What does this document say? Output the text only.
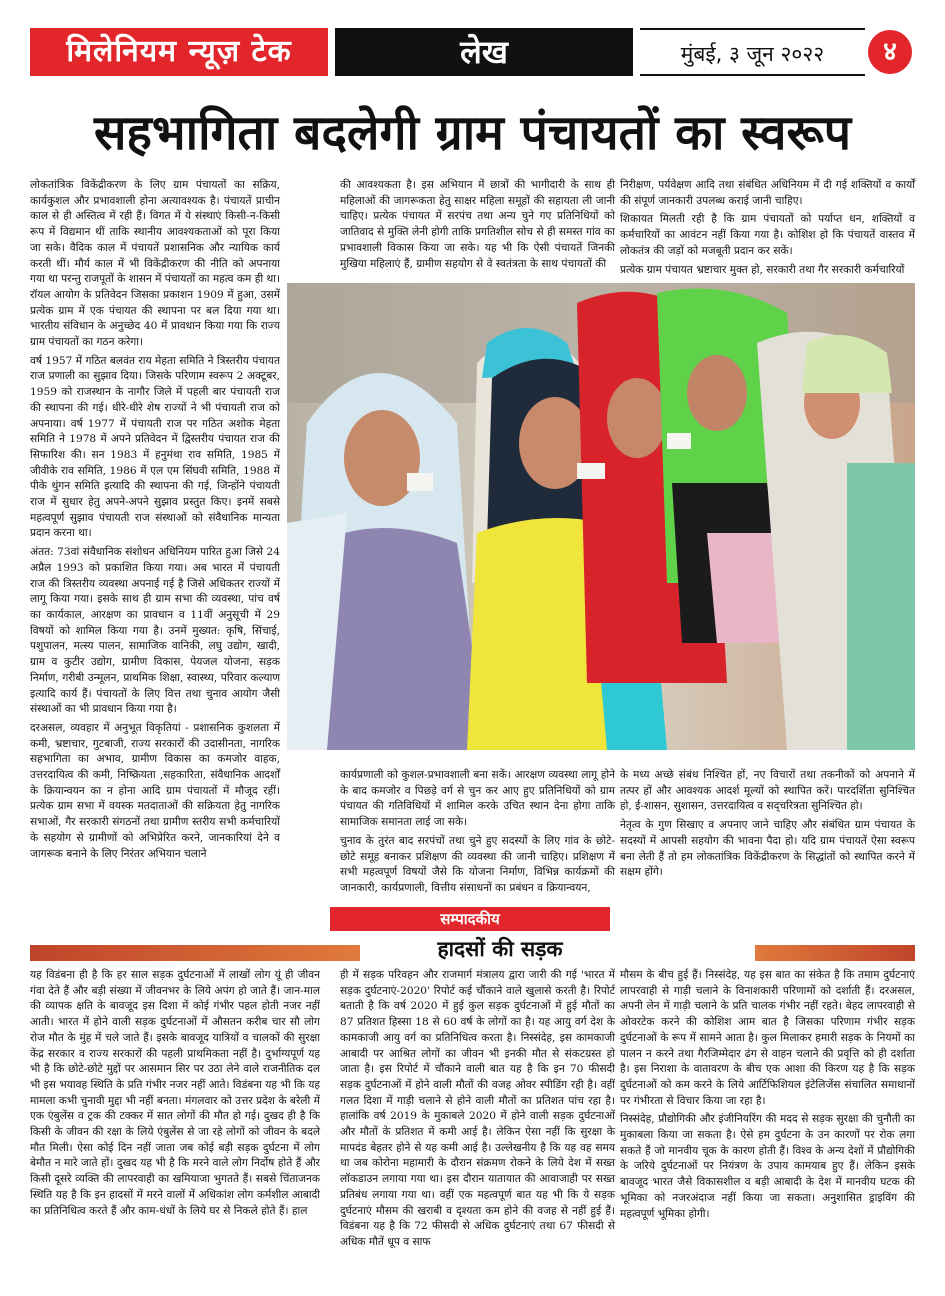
मिलेनियम न्यूज़ टेक	लेख	मुंबई, ३ जून २०२२	४
सहभागिता बदलेगी ग्राम पंचायतों का स्वरूप

लोकतांत्रिक विकेंद्रीकरण के लिए ग्राम पंचायतों का सक्रिय, कार्यकुशल और प्रभावशाली होना अत्यावश्यक है। पंचायतें प्राचीन काल से ही अस्तित्व में रही हैं। विगत में ये संस्थाएं किसी-न-किसी रूप में विद्यमान थीं ताकि स्थानीय आवश्यकताओं को पूरा किया जा सके। वैदिक काल में पंचायतें प्रशासनिक और न्यायिक कार्य करती थीं। मौर्य काल में भी विकेंद्रीकरण की नीति को अपनाया गया था परन्तु राजपूतों के शासन में पंचायतों का महत्व कम ही था। रॉयल आयोग के प्रतिवेदन जिसका प्रकाशन 1909 में हुआ, उसमें प्रत्येक ग्राम में एक पंचायत की स्थापना पर बल दिया गया था। भारतीय संविधान के अनुच्छेद 40 में प्रावधान किया गया कि राज्य ग्राम पंचायतों का गठन करेगा।

वर्ष 1957 में गठित बलवंत राय मेहता समिति ने त्रिस्तरीय पंचायत राज प्रणाली का सुझाव दिया। जिसके परिणाम स्वरूप 2 अक्टूबर, 1959 को राजस्थान के नागौर जिले में पहली बार पंचायती राज की स्थापना की गई। धीरे-धीरे शेष राज्यों ने भी पंचायती राज को अपनाया। वर्ष 1977 में पंचायती राज पर गठित अशोक मेहता समिति ने 1978 में अपने प्रतिवेदन में द्विस्तरीय पंचायत राज की सिफारिश की। सन 1983 में हनुमंथा राव समिति, 1985 में जीवीके राव समिति, 1986 में एल एम सिंघवी समिति, 1988 में पीके थुंगन समिति इत्यादि की स्थापना की गई, जिन्होंने पंचायती राज में सुधार हेतु अपने-अपने सुझाव प्रस्तुत किए। इनमें सबसे महत्वपूर्ण सुझाव पंचायती राज संस्थाओं को संवैधानिक मान्यता प्रदान करना था।

अंतत: 73वां संवैधानिक संशोधन अधिनियम पारित हुआ जिसे 24 अप्रैल 1993 को प्रकाशित किया गया। अब भारत में पंचायती राज की त्रिस्तरीय व्यवस्था अपनाई गई है जिसे अधिकतर राज्यों में लागू किया गया। इसके साथ ही ग्राम सभा की व्यवस्था, पांच वर्ष का कार्यकाल, आरक्षण का प्रावधान व 11वीं अनुसूची में 29 विषयों को शामिल किया गया है। उनमें मुख्यत: कृषि, सिंचाई, पशुपालन, मत्स्य पालन, सामाजिक वानिकी, लघु उद्योग, खादी, ग्राम व कुटीर उद्योग, ग्रामीण विकास, पेयजल योजना, सड़क निर्माण, गरीबी उन्मूलन, प्राथमिक शिक्षा, स्वास्थ्य, परिवार कल्याण इत्यादि कार्य हैं। पंचायतों के लिए वित्त तथा चुनाव आयोग जैसी संस्थाओं का भी प्रावधान किया गया है।

दरअसल, व्यवहार में अनुभूत विकृतियां - प्रशासनिक कुशलता में कमी, भ्रष्टाचार, गुटबाजी, राज्य सरकारों की उदासीनता, नागरिक सहभागिता का अभाव, ग्रामीण विकास का कमजोर वाहक, उत्तरदायित्व की कमी, निष्क्रियता ,सहकारिता, संवैधानिक आदर्शों के क्रियान्वयन का न होना आदि ग्राम पंचायतों में मौजूद रहीं। प्रत्येक ग्राम सभा में वयस्क मतदाताओं की सक्रियता हेतु नागरिक सभाओं, गैर सरकारी संगठनों तथा ग्रामीण स्तरीय सभी कर्मचारियों के सहयोग से ग्रामीणों को अभिप्रेरित करने, जानकारियां देने व जागरूक बनाने के लिए निरंतर अभियान चलाने

की आवश्यकता है। इस अभियान में छात्रों की भागीदारी के साथ ही महिलाओं की जागरूकता हेतु साक्षर महिला समूहों की सहायता ली जानी चाहिए। प्रत्येक पंचायत में सरपंच तथा अन्य चुने गए प्रतिनिधियों को जातिवाद से मुक्ति लेनी होगी ताकि प्रगतिशील सोच से ही समस्त गांव का प्रभावशाली विकास किया जा सके। यह भी कि ऐसी पंचायतें जिनकी मुखिया महिलाएं हैं, ग्रामीण सहयोग से वे स्वतंत्रता के साथ पंचायतों की

निरीक्षण, पर्यवेक्षण आदि तथा संबंधित अधिनियम में दी गई शक्तियों व कार्यों की संपूर्ण जानकारी उपलब्ध कराई जानी चाहिए।

शिकायत मिलती रही है कि ग्राम पंचायतों को पर्याप्त धन, शक्तियों व कर्मचारियों का आवंटन नहीं किया गया है। कोशिश हो कि पंचायतें वास्तव में लोकतंत्र की जड़ों को मजबूती प्रदान कर सकें।

प्रत्येक ग्राम पंचायत भ्रष्टाचार मुक्त हो, सरकारी तथा गैर सरकारी कर्मचारियों

कार्यप्रणाली को कुशल-प्रभावशाली बना सकें। आरक्षण व्यवस्था लागू होने के बाद कमजोर व पिछड़े वर्ग से चुन कर आए हुए प्रतिनिधियों को ग्राम पंचायत की गतिविधियों में शामिल करके उचित स्थान देना होगा ताकि सामाजिक समानता लाई जा सके।

चुनाव के तुरंत बाद सरपंचों तथा चुने हुए सदस्यों के लिए गांव के छोटे-छोटे समूह बनाकर प्रशिक्षण की व्यवस्था की जानी चाहिए। प्रशिक्षण में सभी महत्वपूर्ण विषयों जैसे कि योजना निर्माण, विभिन्न कार्यक्रमों की जानकारी, कार्यप्रणाली, वित्तीय संसाधनों का प्रबंधन व क्रियान्वयन,

के मध्य अच्छे संबंध निश्चित हों, नए विचारों तथा तकनीकों को अपनाने में तत्पर हों और आवश्यक आदर्श मूल्यों को स्थापित करें। पारदर्शिता सुनिश्चित हो, ई-शासन, सुशासन, उत्तरदायित्व व सद्चरित्रता सुनिश्चित हो।

नेतृत्व के गुण सिखाए व अपनाए जाने चाहिए और संबंधित ग्राम पंचायत के सदस्यों में आपसी सहयोग की भावना पैदा हो। यदि ग्राम पंचायतें ऐसा स्वरूप बना लेती हैं तो हम लोकतांत्रिक विकेंद्रीकरण के सिद्धांतों को स्थापित करने में सक्षम होंगे।

सम्पादकीय
हादसों की सड़क

यह विडंबना ही है कि हर साल सड़क दुर्घटनाओं में लाखों लोग यूं ही जीवन गंवा देते हैं और बड़ी संख्या में जीवनभर के लिये अपंग हो जाते हैं। जान-माल की व्यापक क्षति के बावजूद इस दिशा में कोई गंभीर पहल होती नजर नहीं आती। भारत में होने वाली सड़क दुर्घटनाओं में औसतन करीब चार सौ लोग रोज मौत के मुंह में चले जाते हैं। इसके बावजूद यात्रियों व चालकों की सुरक्षा केंद्र सरकार व राज्य सरकारों की पहली प्राथमिकता नहीं है। दुर्भाग्यपूर्ण यह भी है कि छोटे-छोटे मुद्दों पर आसमान सिर पर उठा लेने वाले राजनीतिक दल भी इस भयावह स्थिति के प्रति गंभीर नजर नहीं आते। विडंबना यह भी कि यह मामला कभी चुनावी मुद्दा भी नहीं बनता। मंगलवार को उत्तर प्रदेश के बरेली में एक एंबुलेंस व ट्रक की टक्कर में सात लोगों की मौत हो गई। दुखद ही है कि किसी के जीवन की रक्षा के लिये एंबुलेंस से जा रहे लोगों को जीवन के बदले मौत मिली। ऐसा कोई दिन नहीं जाता जब कोई बड़ी सड़क दुर्घटना में लोग बेमौत न मारे जाते हों। दुखद यह भी है कि मरने वाले लोग निर्दोष होते हैं और किसी दूसरे व्यक्ति की लापरवाही का खमियाजा भुगतते हैं। सबसे चिंताजनक स्थिति यह है कि इन हादसों में मरने वालों में अधिकांश लोग कर्मशील आबादी का प्रतिनिधित्व करते हैं और काम-धंधों के लिये घर से निकले होते हैं। हाल

ही में सड़क परिवहन और राजमार्ग मंत्रालय द्वारा जारी की गई 'भारत में सड़क दुर्घटनाएं-2020' रिपोर्ट कई चौंकाने वाले खुलासे करती है। रिपोर्ट बताती है कि वर्ष 2020 में हुई कुल सड़क दुर्घटनाओं में हुई मौतों का 87 प्रतिशत हिस्सा 18 से 60 वर्ष के लोगों का है। यह आयु वर्ग देश के कामकाजी आयु वर्ग का प्रतिनिधित्व करता है। निस्संदेह, इस कामकाजी आबादी पर आश्रित लोगों का जीवन भी इनकी मौत से संकटग्रस्त हो जाता है। इस रिपोर्ट में चौंकाने वाली बात यह है कि इन 70 फीसदी सड़क दुर्घटनाओं में होने वाली मौतों की वजह ओवर स्पीडिंग रही है। वहीं गलत दिशा में गाड़ी चलाने से होने वाली मौतों का प्रतिशत पांच रहा है। हालांकि वर्ष 2019 के मुकाबले 2020 में होने वाली सड़क दुर्घटनाओं और मौतों के प्रतिशत में कमी आई है। लेकिन ऐसा नहीं कि सुरक्षा के मापदंड बेहतर होने से यह कमी आई है। उल्लेखनीय है कि यह वह समय था जब कोरोना महामारी के दौरान संक्रमण रोकने के लिये देश में सख्त लॉकडाउन लगाया गया था। इस दौरान यातायात की आवाजाही पर सख्त प्रतिबंध लगाया गया था। वहीं एक महत्वपूर्ण बात यह भी कि ये सड़क दुर्घटनाएं मौसम की खराबी व दृश्यता कम होने की वजह से नहीं हुई हैं। विडंबना यह है कि 72 फीसदी से अधिक दुर्घटनाएं तथा 67 फीसदी से अधिक मौतें धूप व साफ

मौसम के बीच हुई हैं। निस्संदेह, यह इस बात का संकेत है कि तमाम दुर्घटनाएं लापरवाही से गाड़ी चलाने के विनाशकारी परिणामों को दर्शाती हैं। दरअसल, अपनी लेन में गाड़ी चलाने के प्रति चालक गंभीर नहीं रहते। बेहद लापरवाही से ओवरटेक करने की कोशिश आम बात है जिसका परिणाम गंभीर सड़क दुर्घटनाओं के रूप में सामने आता है। कुल मिलाकर हमारी सड़क के नियमों का पालन न करने तथा गैरजिम्मेदार ढंग से वाहन चलाने की प्रवृत्ति को ही दर्शाता है। इस निराशा के वातावरण के बीच एक आशा की किरण यह है कि सड़क दुर्घटनाओं को कम करने के लिये आर्टिफिशियल इंटेलिजेंस संचालित समाधानों पर गंभीरता से विचार किया जा रहा है।

निस्संदेह, प्रौद्योगिकी और इंजीनियरिंग की मदद से सड़क सुरक्षा की चुनौती का मुकाबला किया जा सकता है। ऐसे हम दुर्घटना के उन कारणों पर रोक लगा सकते हैं जो मानवीय चूक के कारण होती हैं। विश्व के अन्य देशों में प्रौद्योगिकी के जरिये दुर्घटनाओं पर नियंत्रण के उपाय कामयाब हुए हैं। लेकिन इसके बावजूद भारत जैसे विकासशील व बड़ी आबादी के देश में मानवीय घटक की भूमिका को नजरअंदाज नहीं किया जा सकता। अनुशासित ड्राइविंग की महत्वपूर्ण भूमिका होगी।
